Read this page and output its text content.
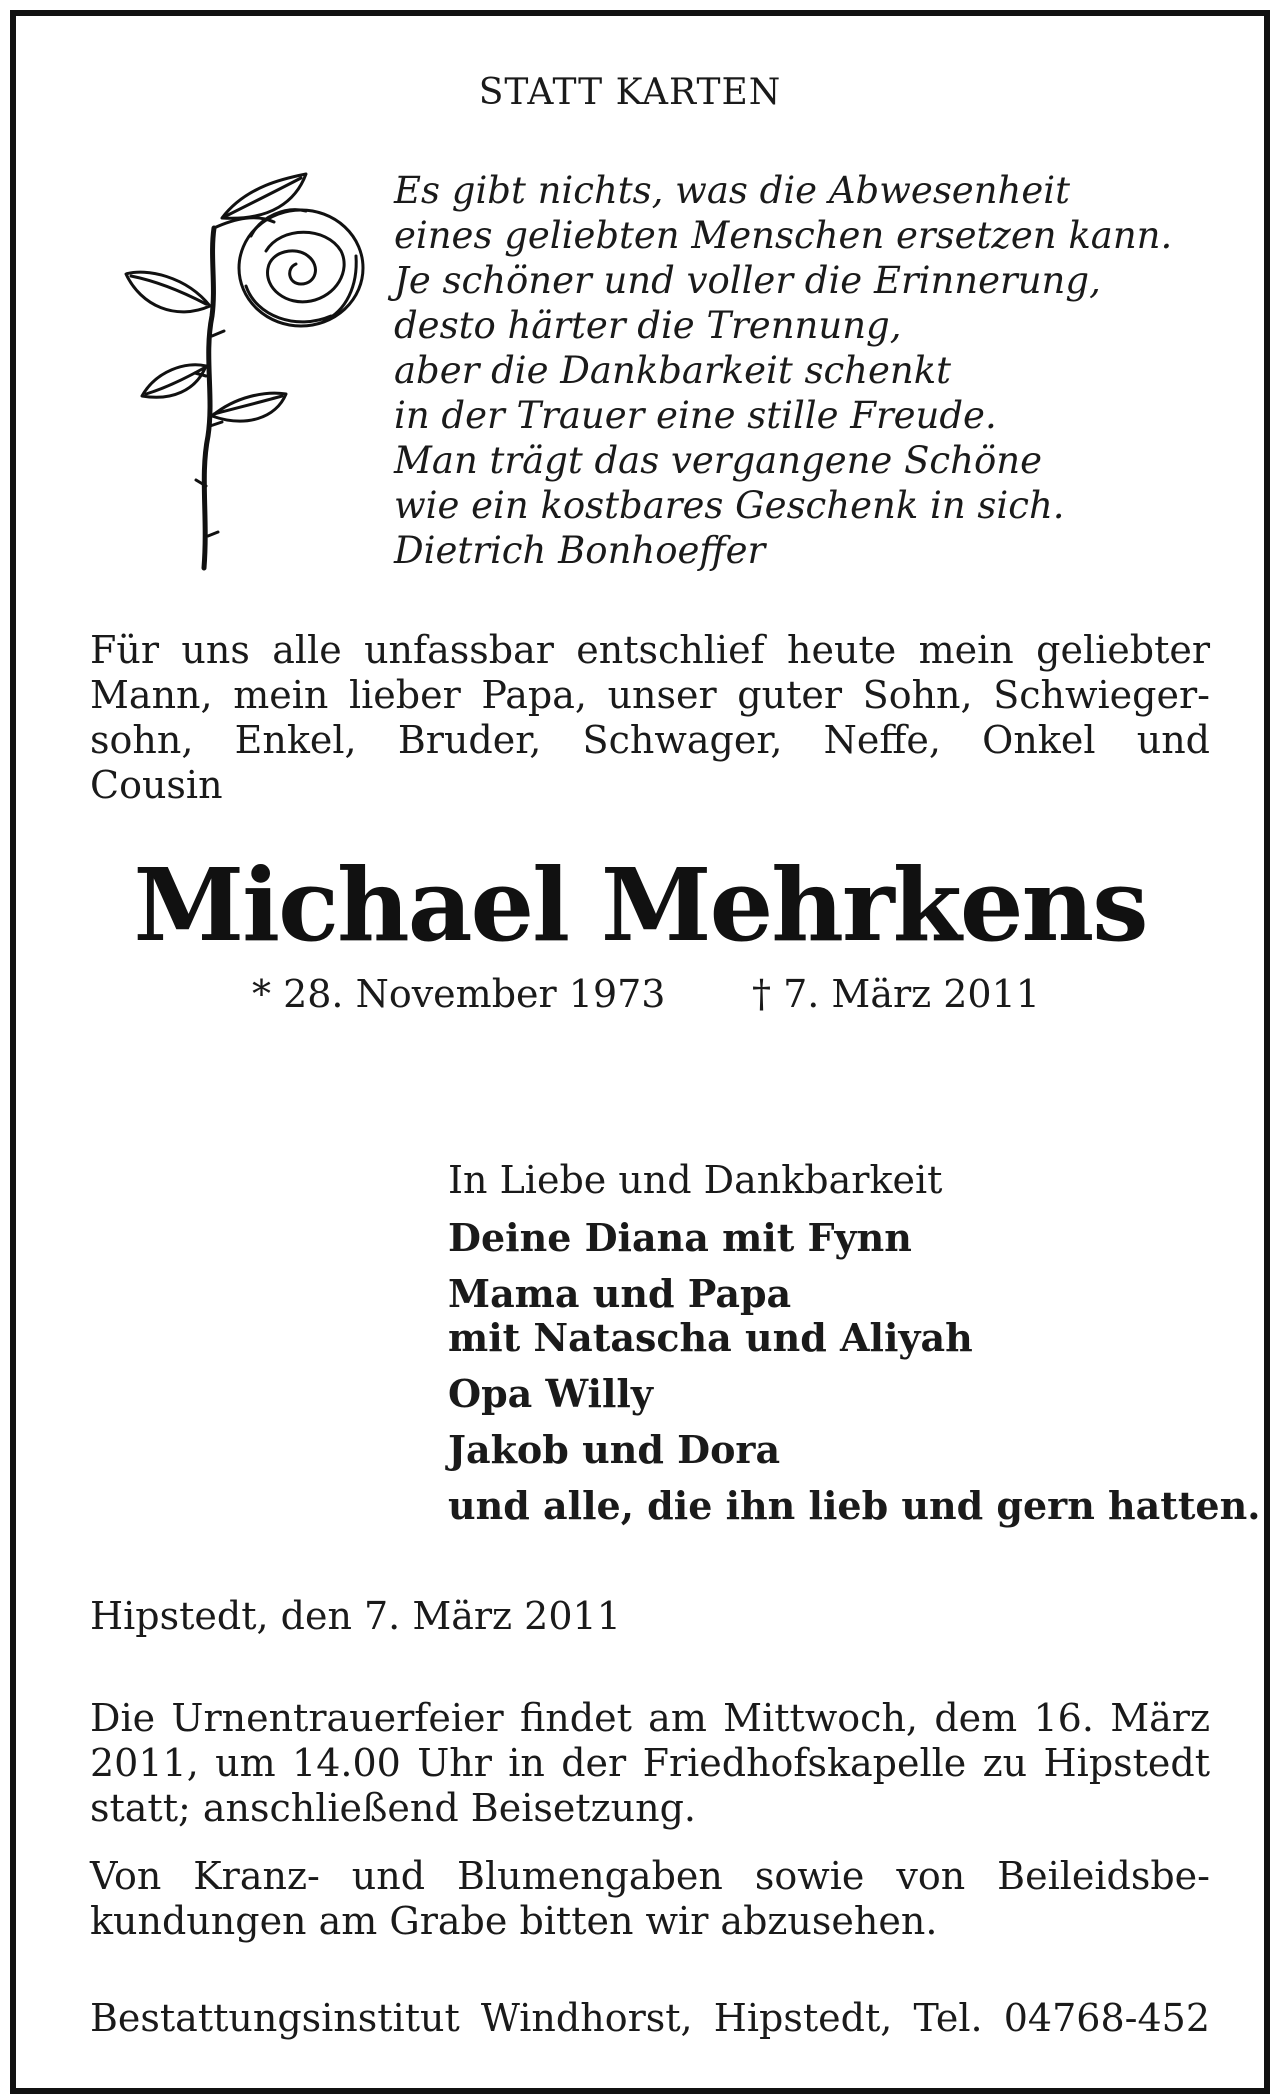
STATT KARTEN
Es gibt nichts, was die Abwesenheit
eines geliebten Menschen ersetzen kann.
Je schöner und voller die Erinnerung,
desto härter die Trennung,
aber die Dankbarkeit schenkt
in der Trauer eine stille Freude.
Man trägt das vergangene Schöne
wie ein kostbares Geschenk in sich.
Dietrich Bonhoeffer
Für uns alle unfassbar entschlief heute mein geliebter
Mann, mein lieber Papa, unser guter Sohn, Schwieger-
sohn, Enkel, Bruder, Schwager, Neffe, Onkel und
Cousin
Michael Mehrkens
* 28. November 1973 † 7. März 2011
In Liebe und Dankbarkeit
Deine Diana mit Fynn
Mama und Papa
mit Natascha und Aliyah
Opa Willy
Jakob und Dora
und alle, die ihn lieb und gern hatten.
Hipstedt, den 7. März 2011
Die Urnentrauerfeier findet am Mittwoch, dem 16. März
2011, um 14.00 Uhr in der Friedhofskapelle zu Hipstedt
statt; anschließend Beisetzung.
Von Kranz- und Blumengaben sowie von Beileidsbe-
kundungen am Grabe bitten wir abzusehen.
Bestattungsinstitut Windhorst, Hipstedt, Tel. 04768-452
